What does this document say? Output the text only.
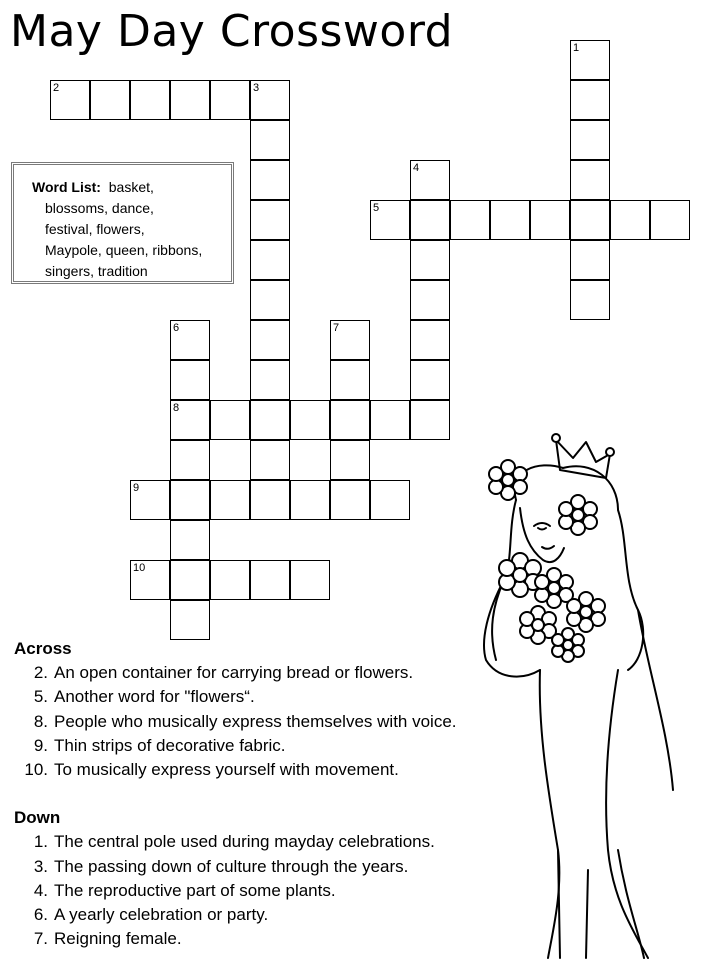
May Day Crossword
2	3
5
8
9
10
1
4
6	7
Word List: basket,
blossoms, dance,
festival, flowers,
Maypole, queen, ribbons,
singers, tradition
Across
2. An open container for carrying bread or flowers.
5. Another word for "flowers“.
8. People who musically express themselves with voice.
9. Thin strips of decorative fabric.
10. To musically express yourself with movement.
Down
1. The central pole used during mayday celebrations.
3. The passing down of culture through the years.
4. The reproductive part of some plants.
6. A yearly celebration or party.
7. Reigning female.
